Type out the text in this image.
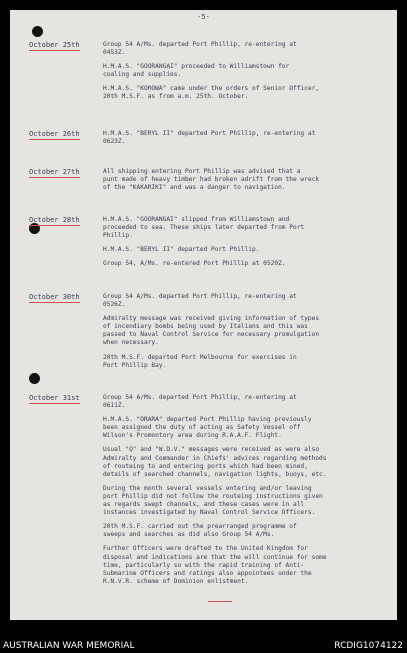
-5-
October 25th	Group 54 A/Ms. departed Port Phillip, re-entering at
0453Z.

H.M.A.S. "GOORANGAI" proceeded to Williamstown for
coaling and supplies.

H.M.A.S. "KOROWA" came under the orders of Senior Officer,
20th M.S.F. as from a.m. 25th. October.

October 26th	H.M.A.S. "BERYL II" departed Port Phillip, re-entering at
0623Z.

October 27th	All shipping entering Port Phillip was advised that a
punt made of heavy timber had broken adrift from the wreck
of the "KAKARIKI" and was a danger to navigation.

October 28th	H.M.A.S. "GOORANGAI" slipped from Williamstown and
proceeded to sea. These ships later departed from Port
Phillip.

H.M.A.S. "BERYL II" departed Port Phillip.

Group 54, A/Ms. re-entered Port Phillip at 0520Z.

October 30th	Group 54 A/Ms. departed Port Phillip, re-entering at
0526Z.

Admiralty message was received giving information of types
of incendiary bombs being used by Italians and this was
passed to Naval Control Service for necessary promulgation
when necessary.

20th M.S.F. departed Port Melbourne for exercises in
Port Phillip Bay.

October 31st	Group 54 A/Ms. departed Port Phillip, re-entering at
0611Z.

H.M.A.S. "ORARA" departed Port Phillip having previously
been assigned the duty of acting as Safety Vessel off
Wilson's Promontory area during R.A.A.F. Flight.

Usual "Q" and "W.D.V." messages were received as were also
Admiralty and Commander in Chiefs' advices regarding methods
of routeing to and entering ports which had been mined,
details of searched channels, navigation lights, buoys, etc.

During the month several vessels entering and/or leaving
port Phillip did not follow the routeing instructions given
as regards swept channels, and these cases were in all
instances investigated by Naval Control Service Officers.

20th M.S.F. carried out the prearranged programme of
sweeps and searches as did also Group 54 A/Ms.

Further Officers were drafted to the United Kingdom for
disposal and indications are that the will continue for some
time, particularly so with the rapid training of Anti-
Submarine Officers and ratings also appointees under the
R.N.V.R. scheme of Dominion enlistment.

AUSTRALIAN WAR MEMORIAL	RCDIG1074122
